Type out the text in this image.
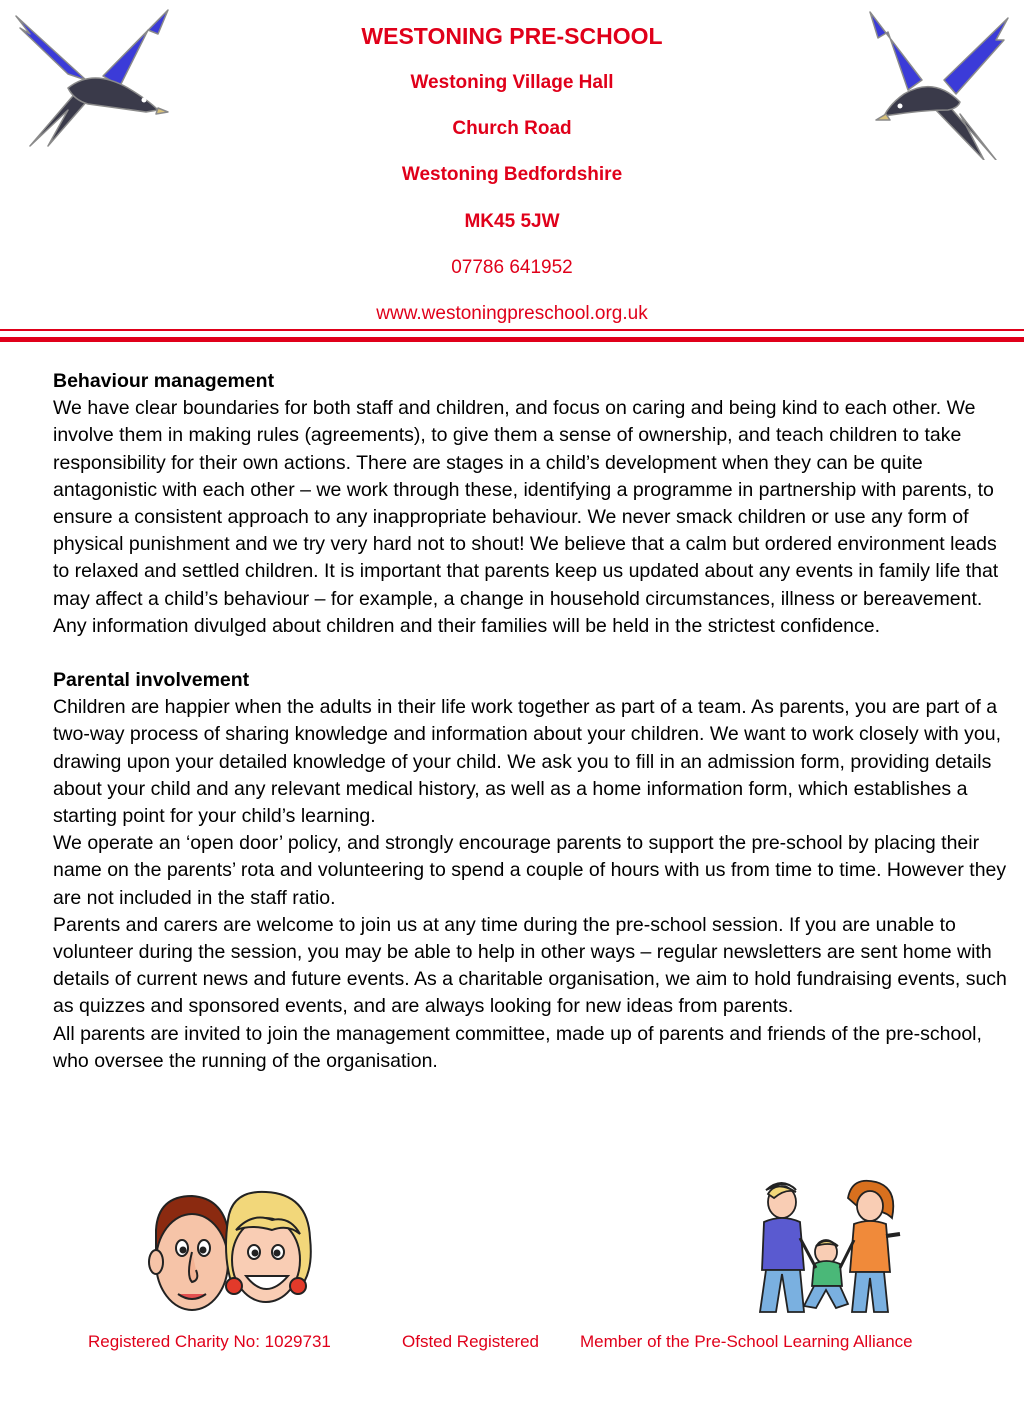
WESTONING PRE-SCHOOL
Westoning Village Hall
Church Road
Westoning Bedfordshire
MK45 5JW
07786 641952
www.westoningpreschool.org.uk
Behaviour management

We have clear boundaries for both staff and children, and focus on caring and being kind to each other. We involve them in making rules (agreements), to give them a sense of ownership, and teach children to take responsibility for their own actions. There are stages in a child’s development when they can be quite antagonistic with each other – we work through these, identifying a programme in partnership with parents, to ensure a consistent approach to any inappropriate behaviour. We never smack children or use any form of physical punishment and we try very hard not to shout! We believe that a calm but ordered environment leads to relaxed and settled children. It is important that parents keep us updated about any events in family life that may affect a child’s behaviour – for example, a change in household circumstances, illness or bereavement. Any information divulged about children and their families will be held in the strictest confidence.

Parental involvement

Children are happier when the adults in their life work together as part of a team. As parents, you are part of a two-way process of sharing knowledge and information about your children. We want to work closely with you, drawing upon your detailed knowledge of your child. We ask you to fill in an admission form, providing details about your child and any relevant medical history, as well as a home information form, which establishes a starting point for your child’s learning.

We operate an ‘open door’ policy, and strongly encourage parents to support the pre-school by placing their name on the parents’ rota and volunteering to spend a couple of hours with us from time to time. However they are not included in the staff ratio.

Parents and carers are welcome to join us at any time during the pre-school session. If you are unable to volunteer during the session, you may be able to help in other ways – regular newsletters are sent home with details of current news and future events. As a charitable organisation, we aim to hold fundraising events, such as quizzes and sponsored events, and are always looking for new ideas from parents.

All parents are invited to join the management committee, made up of parents and friends of the pre-school, who oversee the running of the organisation.

Registered Charity No: 1029731

	Ofsted Registered

Member of the Pre-School Learning Alliance
